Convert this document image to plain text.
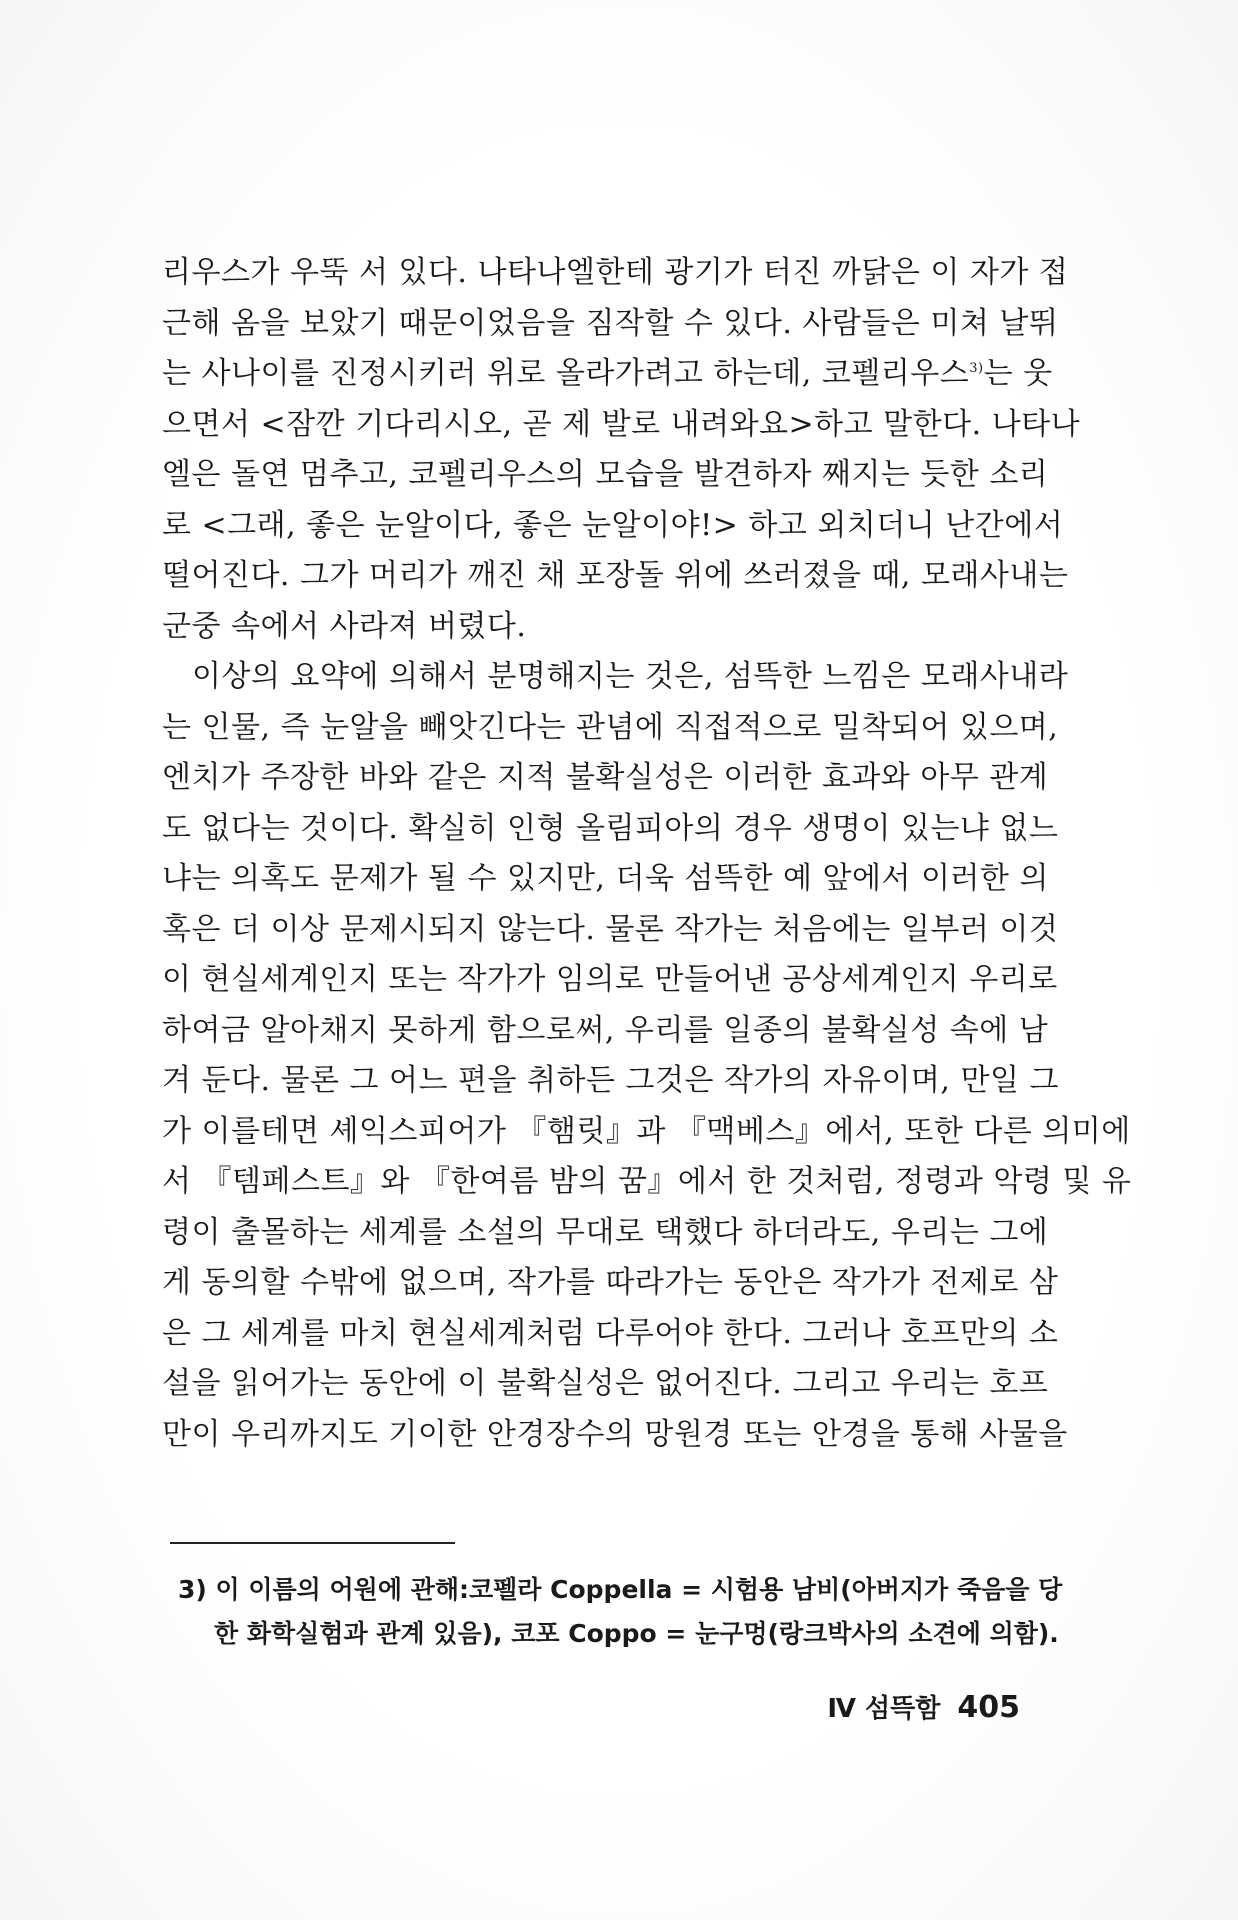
리우스가 우뚝 서 있다. 나타나엘한테 광기가 터진 까닭은 이 자가 접
근해 옴을 보았기 때문이었음을 짐작할 수 있다. 사람들은 미쳐 날뛰
는 사나이를 진정시키러 위로 올라가려고 하는데, 코펠리우스$^{3)}$는 웃
으면서 <잠깐 기다리시오, 곧 제 발로 내려와요>하고 말한다. 나타나
엘은 돌연 멈추고, 코펠리우스의 모습을 발견하자 째지는 듯한 소리
로 <그래, 좋은 눈알이다, 좋은 눈알이야!> 하고 외치더니 난간에서
떨어진다. 그가 머리가 깨진 채 포장돌 위에 쓰러졌을 때, 모래사내는
군중 속에서 사라져 버렸다.
이상의 요약에 의해서 분명해지는 것은, 섬뜩한 느낌은 모래사내라
는 인물, 즉 눈알을 빼앗긴다는 관념에 직접적으로 밀착되어 있으며,
엔치가 주장한 바와 같은 지적 불확실성은 이러한 효과와 아무 관계
도 없다는 것이다. 확실히 인형 올림피아의 경우 생명이 있는냐 없느
냐는 의혹도 문제가 될 수 있지만, 더욱 섬뜩한 예 앞에서 이러한 의
혹은 더 이상 문제시되지 않는다. 물론 작가는 처음에는 일부러 이것
이 현실세계인지 또는 작가가 임의로 만들어낸 공상세계인지 우리로
하여금 알아채지 못하게 함으로써, 우리를 일종의 불확실성 속에 남
겨 둔다. 물론 그 어느 편을 취하든 그것은 작가의 자유이며, 만일 그
가 이를테면 셰익스피어가 『햄릿』과 『맥베스』에서, 또한 다른 의미에
서 『템페스트』와 『한여름 밤의 꿈』에서 한 것처럼, 정령과 악령 및 유
령이 출몰하는 세계를 소설의 무대로 택했다 하더라도, 우리는 그에
게 동의할 수밖에 없으며, 작가를 따라가는 동안은 작가가 전제로 삼
은 그 세계를 마치 현실세계처럼 다루어야 한다. 그러나 호프만의 소
설을 읽어가는 동안에 이 불확실성은 없어진다. 그리고 우리는 호프
만이 우리까지도 기이한 안경장수의 망원경 또는 안경을 통해 사물을
3) 이 이름의 어원에 관해:코펠라 Coppella = 시험용 남비(아버지가 죽음을 당
한 화학실험과 관계 있음), 코포 Coppo = 눈구멍(랑크박사의 소견에 의함).
Ⅳ 섬뜩함 405
